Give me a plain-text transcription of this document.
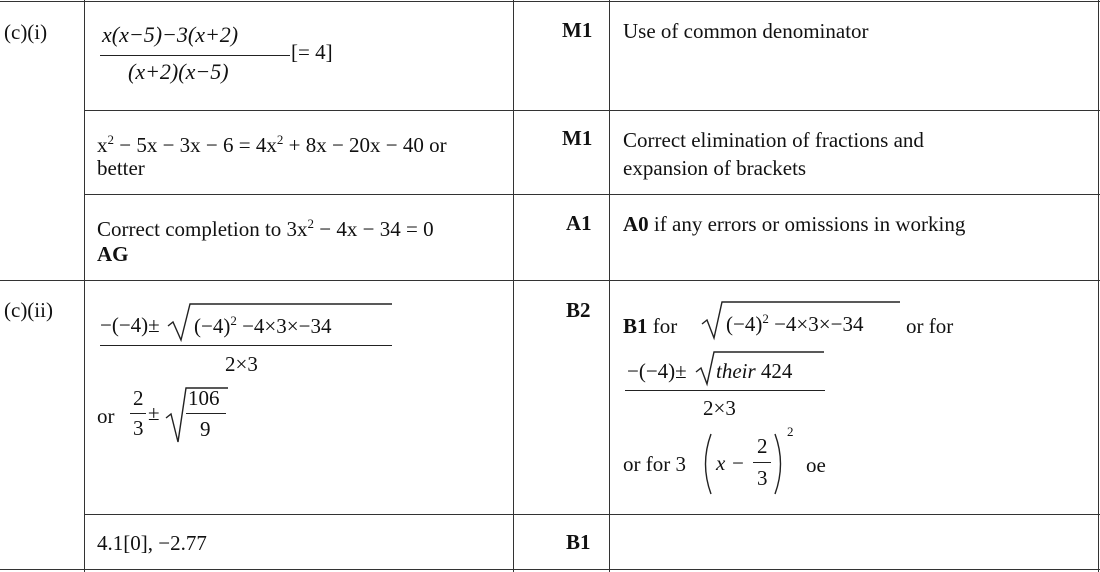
(c)(i) x(x−5)−3(x+2)
(x+2)(x−5)
[= 4]
M1 Use of common denominator
$x^2 - 5x - 3x - 6 = 4x^2 + 8x - 20x - 40$ or
better
M1 Correct elimination of fractions and
expansion of brackets
Correct completion to $3x^2 - 4x - 34 = 0$
AG
A1 A0 if any errors or omissions in working
(c)(ii)
$-(-4)\pm (-4)^2 -4\times 3\times-34$
2×3
or
2
3
±
106
9
B2
B1 for $(-4)^2 -4\times 3\times-34$ or for
−(−4)± their 424
2×3
or for 3 x −
2
3
2
oe
4.1[0], −2.77	B1
